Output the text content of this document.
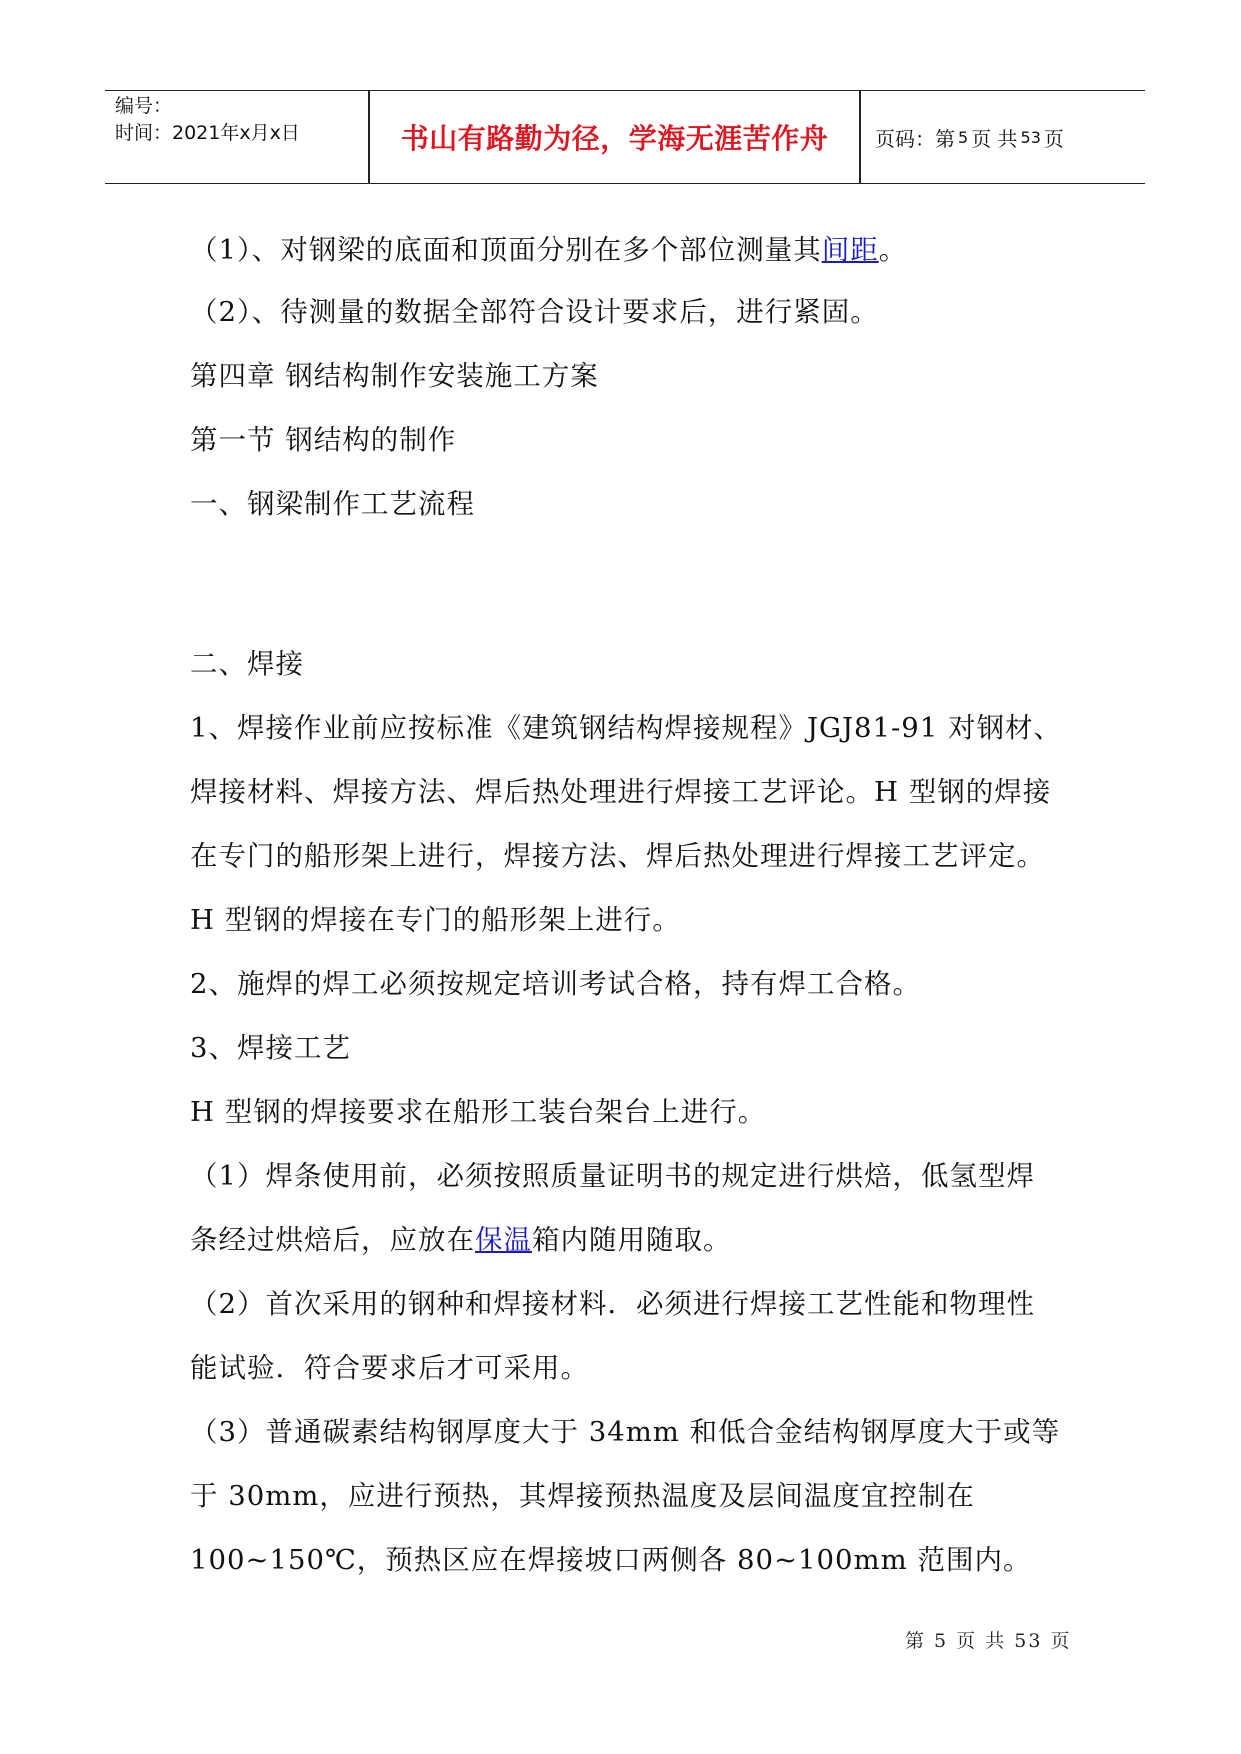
编号：
时间：2021年x月x日	书山有路勤为径，学海无涯苦作舟	页码：第 5 页 共 53 页
（1）、对钢梁的底面和顶面分别在多个部位测量其间距。
（2）、待测量的数据全部符合设计要求后，进行紧固。
第四章 钢结构制作安装施工方案
第一节 钢结构的制作
一、钢梁制作工艺流程
二、焊接
1、焊接作业前应按标准《建筑钢结构焊接规程》JGJ81-91 对钢材、
焊接材料、焊接方法、焊后热处理进行焊接工艺评论。H 型钢的焊接
在专门的船形架上进行，焊接方法、焊后热处理进行焊接工艺评定。
H 型钢的焊接在专门的船形架上进行。
2、施焊的焊工必须按规定培训考试合格，持有焊工合格。
3、焊接工艺
H 型钢的焊接要求在船形工装台架台上进行。
（1）焊条使用前，必须按照质量证明书的规定进行烘焙，低氢型焊
条经过烘焙后，应放在保温箱内随用随取。
（2）首次采用的钢种和焊接材料．必须进行焊接工艺性能和物理性
能试验．符合要求后才可采用。
（3）普通碳素结构钢厚度大于 34mm 和低合金结构钢厚度大于或等
于 30mm，应进行预热，其焊接预热温度及层间温度宜控制在
100~150℃，预热区应在焊接坡口两侧各 80~100mm 范围内。
第 5 页 共 53 页
